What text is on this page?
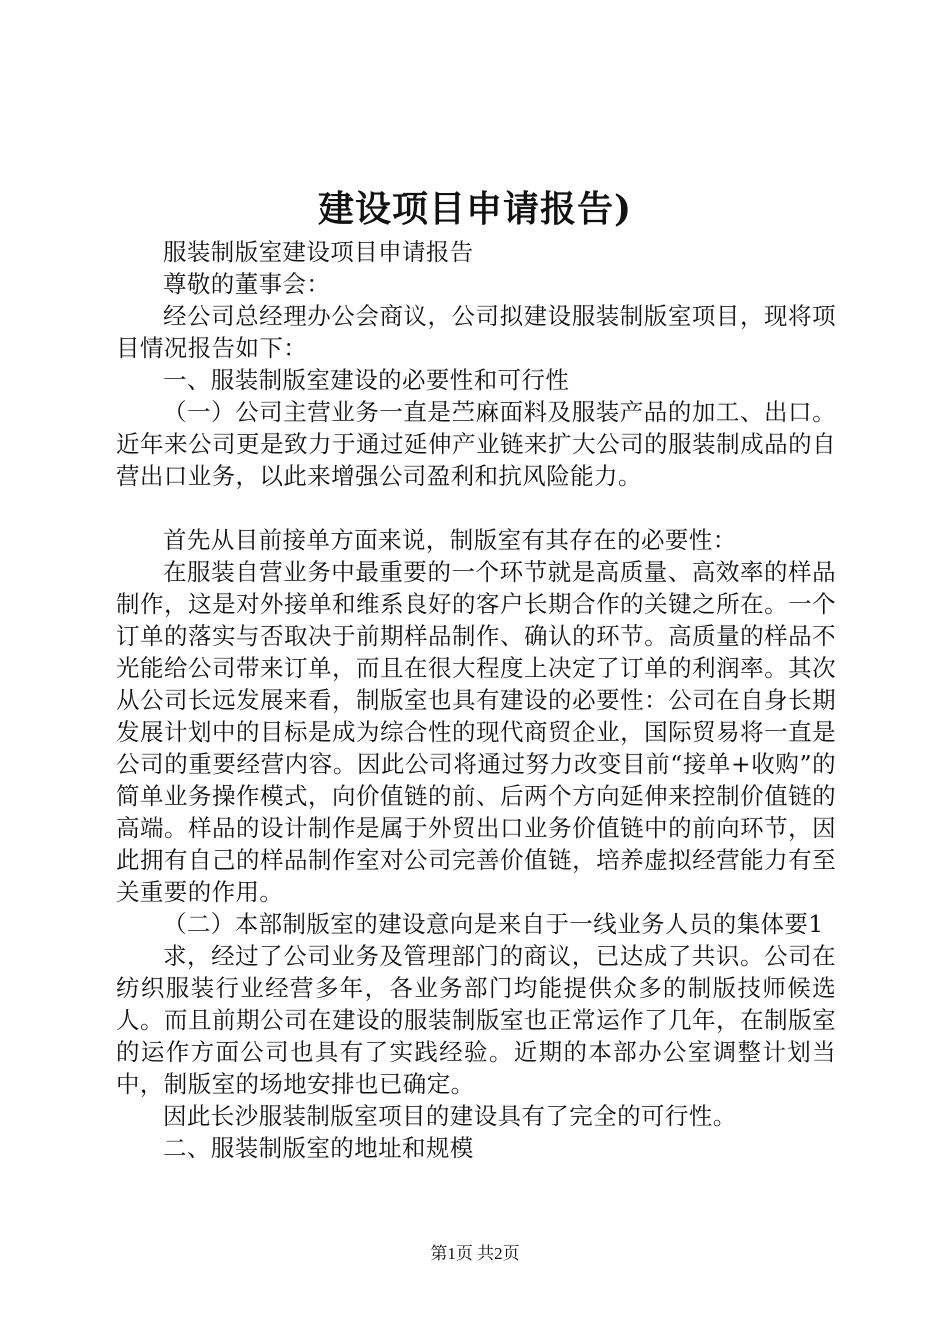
建设项目申请报告)

服装制版室建设项目申请报告

尊敬的董事会：

经公司总经理办公会商议，公司拟建设服装制版室项目，现将项目情况报告如下：

一、服装制版室建设的必要性和可行性

（一）公司主营业务一直是苎麻面料及服装产品的加工、出口。近年来公司更是致力于通过延伸产业链来扩大公司的服装制成品的自营出口业务，以此来增强公司盈利和抗风险能力。

首先从目前接单方面来说，制版室有其存在的必要性：

在服装自营业务中最重要的一个环节就是高质量、高效率的样品制作，这是对外接单和维系良好的客户长期合作的关键之所在。一个订单的落实与否取决于前期样品制作、确认的环节。高质量的样品不光能给公司带来订单，而且在很大程度上决定了订单的利润率。其次从公司长远发展来看，制版室也具有建设的必要性：公司在自身长期发展计划中的目标是成为综合性的现代商贸企业，国际贸易将一直是公司的重要经营内容。因此公司将通过努力改变目前“接单+收购”的简单业务操作模式，向价值链的前、后两个方向延伸来控制价值链的高端。样品的设计制作是属于外贸出口业务价值链中的前向环节，因此拥有自己的样品制作室对公司完善价值链，培养虚拟经营能力有至关重要的作用。

（二）本部制版室的建设意向是来自于一线业务人员的集体要1

求，经过了公司业务及管理部门的商议，已达成了共识。公司在纺织服装行业经营多年，各业务部门均能提供众多的制版技师候选人。而且前期公司在建设的服装制版室也正常运作了几年，在制版室的运作方面公司也具有了实践经验。近期的本部办公室调整计划当中，制版室的场地安排也已确定。

因此长沙服装制版室项目的建设具有了完全的可行性。

二、服装制版室的地址和规模

第1页 共2页
